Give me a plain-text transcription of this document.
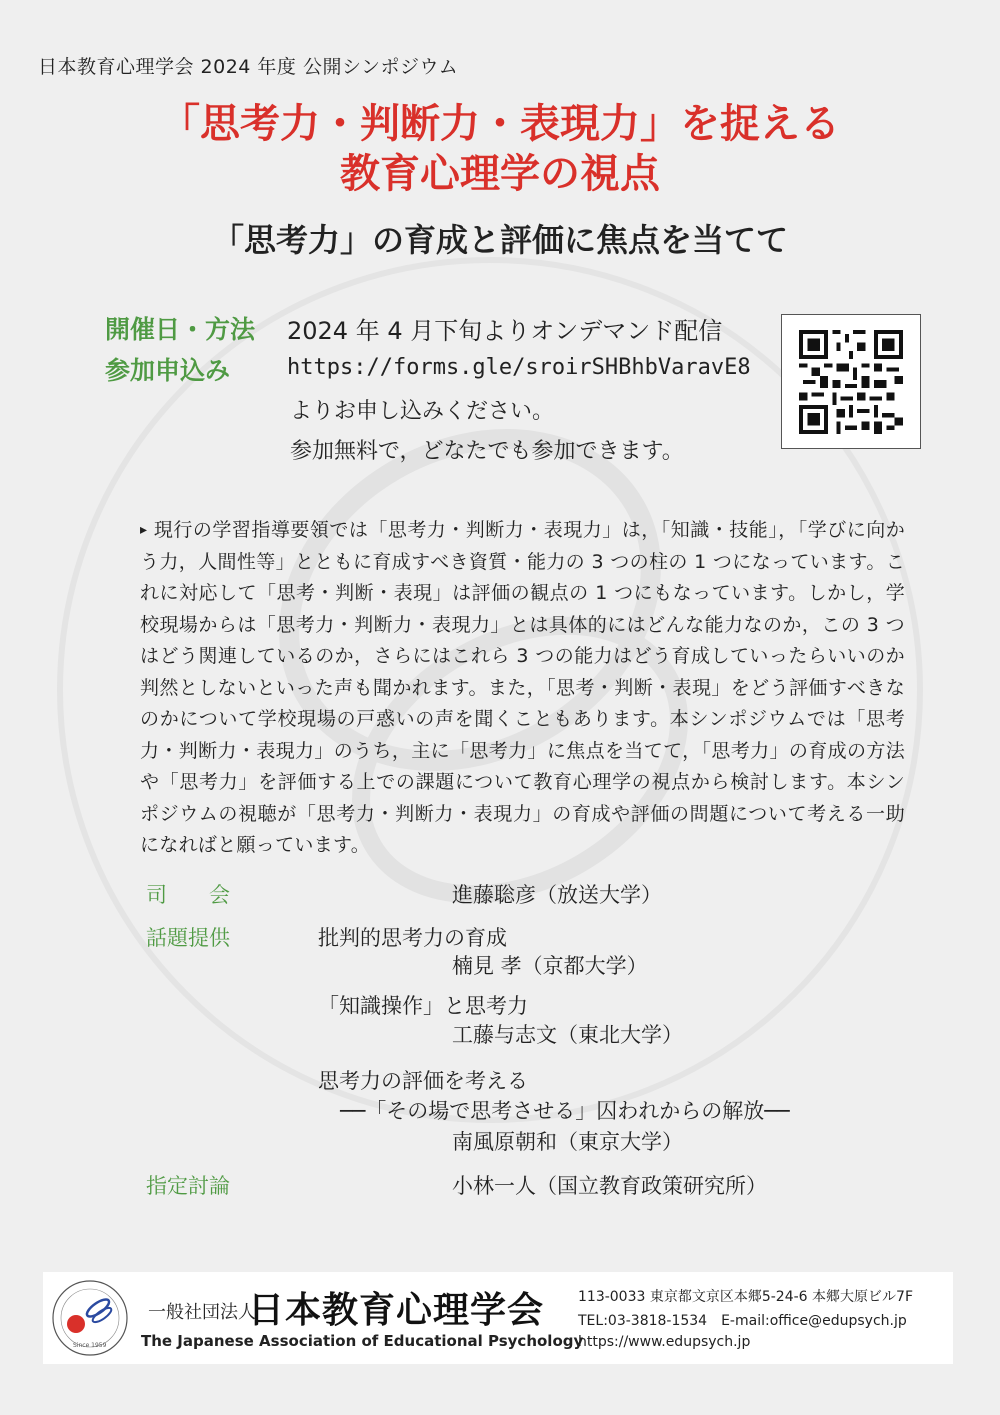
日本教育心理学会 2024 年度 公開シンポジウム
「思考力・判断力・表現力」を捉える
教育心理学の視点
「思考力」の育成と評価に焦点を当てて
開催日・方法 2024 年 4 月下旬よりオンデマンド配信
参加申込み	https://forms.gle/sroirSHBhbVaravE8
よりお申し込みください。
参加無料で，どなたでも参加できます。
▸ 現行の学習指導要領では「思考力・判断力・表現力」は，「知識・技能」，「学びに向かう力，人間性等」とともに育成すべき資質・能力の 3 つの柱の 1 つになっています。これに対応して「思考・判断・表現」は評価の観点の 1 つにもなっています。しかし，学校現場からは「思考力・判断力・表現力」とは具体的にはどんな能力なのか，この 3 つはどう関連しているのか，さらにはこれら 3 つの能力はどう育成していったらいいのか判然としないといった声も聞かれます。また，「思考・判断・表現」をどう評価すべきなのかについて学校現場の戸惑いの声を聞くこともあります。本シンポジウムでは「思考力・判断力・表現力」のうち，主に「思考力」に焦点を当てて，「思考力」の育成の方法や「思考力」を評価する上での課題について教育心理学の視点から検討します。本シンポジウムの視聴が「思考力・判断力・表現力」の育成や評価の問題について考える一助になればと願っています。
司　　会	進藤聡彦（放送大学）
話題提供	批判的思考力の育成
楠見 孝（京都大学）
「知識操作」と思考力
工藤与志文（東北大学）
思考力の評価を考える
──「その場で思考させる」囚われからの解放──
南風原朝和（東京大学）
指定討論	小林一人（国立教育政策研究所）
Since 1959
一般社団法人
日本教育心理学会
The Japanese Association of Educational Psychology
113-0033 東京都文京区本郷5-24-6 本郷大原ビル7F
TEL:03-3818-1534　E-mail:office@edupsych.jp
https://www.edupsych.jp
